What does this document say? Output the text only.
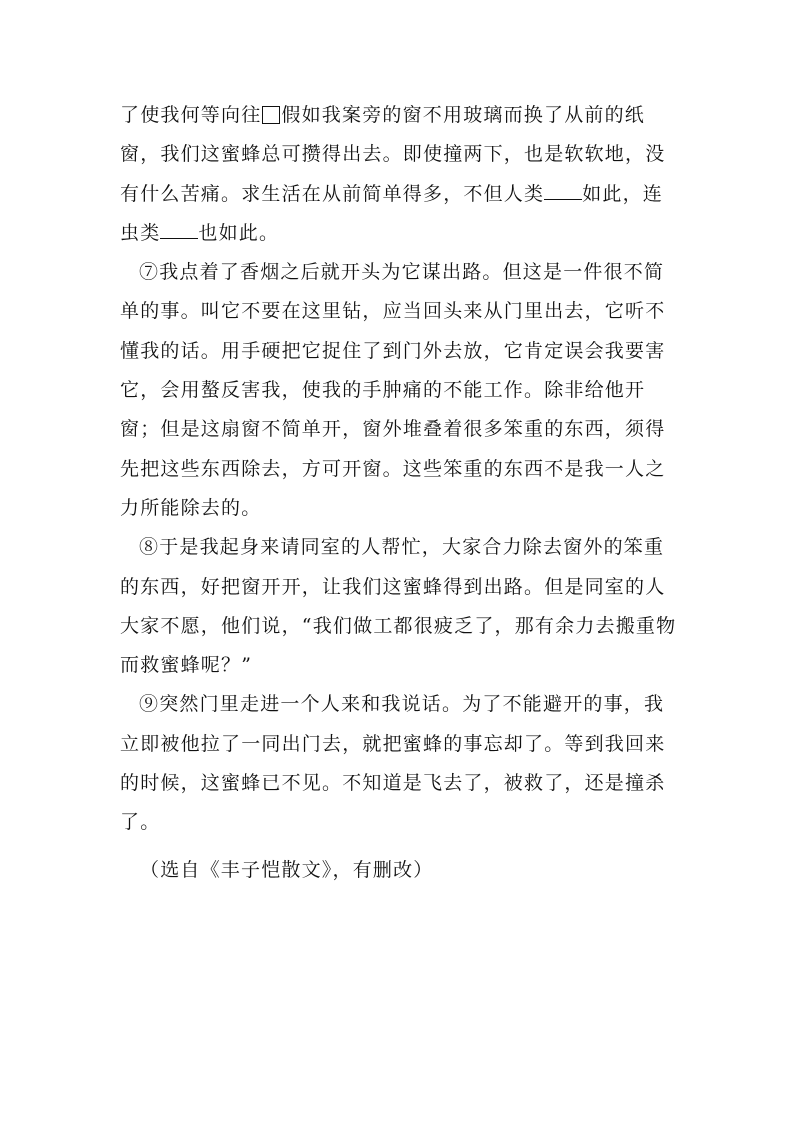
了使我何等向往 假如我案旁的窗不用玻璃而换了从前的纸窗，我们这蜜蜂总可攒得出去。即使撞两下，也是软软地，没有什么苦痛。求生活在从前简单得多，不但人类 如此，连虫类 也如此。

⑦我点着了香烟之后就开头为它谋出路。但这是一件很不简单的事。叫它不要在这里钻，应当回头来从门里出去，它听不懂我的话。用手硬把它捉住了到门外去放，它肯定误会我要害它，会用螯反害我，使我的手肿痛的不能工作。除非给他开窗；但是这扇窗不简单开，窗外堆叠着很多笨重的东西，须得先把这些东西除去，方可开窗。这些笨重的东西不是我一人之力所能除去的。

⑧于是我起身来请同室的人帮忙，大家合力除去窗外的笨重的东西，好把窗开开，让我们这蜜蜂得到出路。但是同室的人大家不愿，他们说，“我们做工都很疲乏了，那有余力去搬重物而救蜜蜂呢？”

⑨突然门里走进一个人来和我说话。为了不能避开的事，我立即被他拉了一同出门去，就把蜜蜂的事忘却了。等到我回来的时候，这蜜蜂已不见。不知道是飞去了，被救了，还是撞杀了。

（选自《丰子恺散文》，有删改）
